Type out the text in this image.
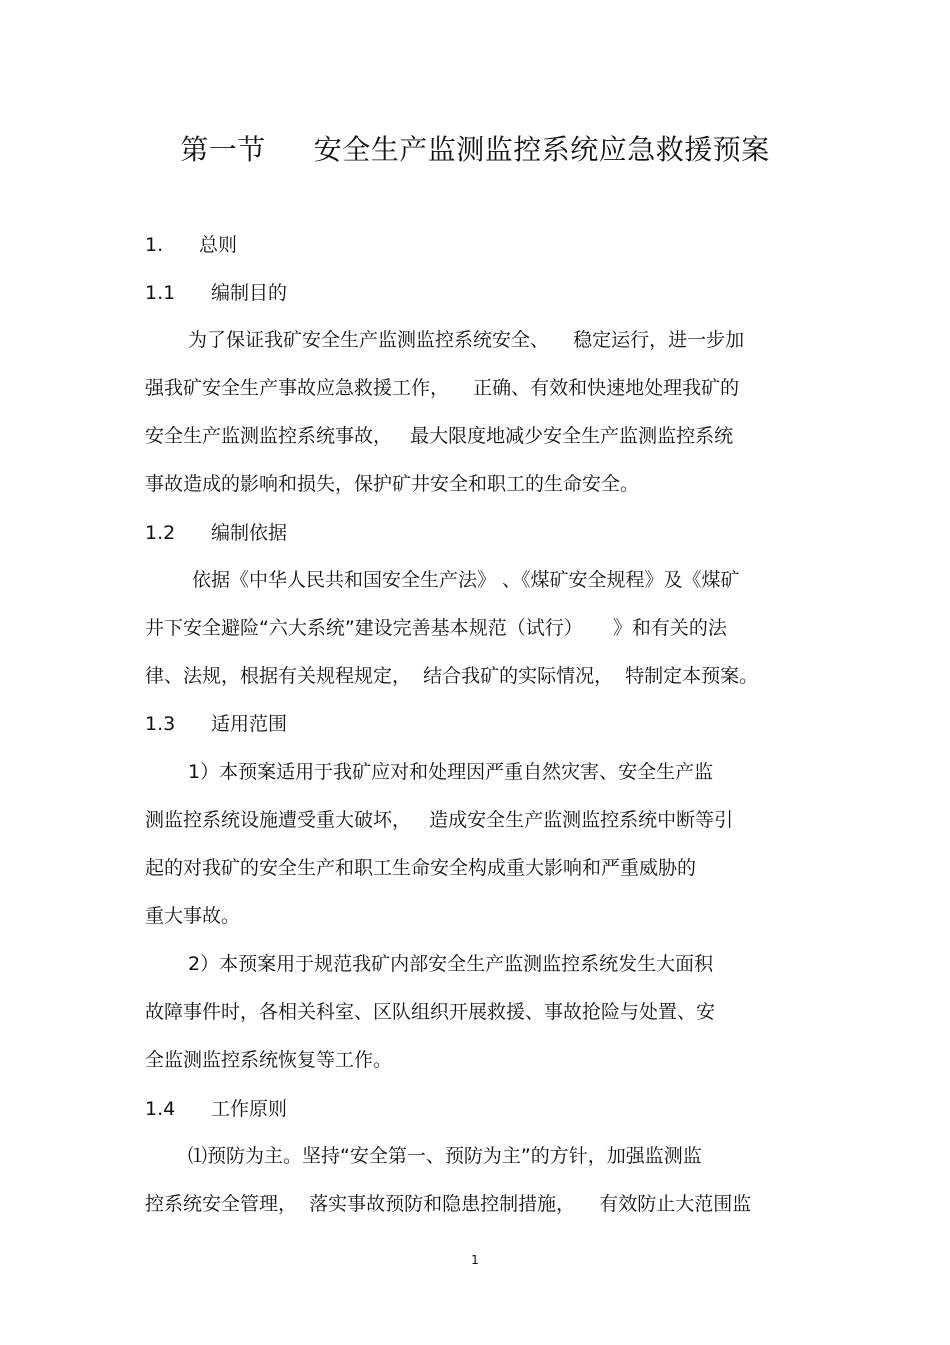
第一节 安全生产监测监控系统应急救援预案
1. 总则
1.1 编制目的
为了保证我矿安全生产监测监控系统安全、    稳定运行，进一步加
强我矿安全生产事故应急救援工作，    正确、有效和快速地处理我矿的
安全生产监测监控系统事故，   最大限度地减少安全生产监测监控系统
事故造成的影响和损失，保护矿井安全和职工的生命安全。
1.2 编制依据
依据《中华人民共和国安全生产法》 、《煤矿安全规程》及《煤矿
井下安全避险“六大系统”建设完善基本规范（试行）     》和有关的法
律、法规，根据有关规程规定，  结合我矿的实际情况，  特制定本预案。
1.3 适用范围
1）本预案适用于我矿应对和处理因严重自然灾害、安全生产监
测监控系统设施遭受重大破坏，   造成安全生产监测监控系统中断等引
起的对我矿的安全生产和职工生命安全构成重大影响和严重威胁的
重大事故。
2）本预案用于规范我矿内部安全生产监测监控系统发生大面积
故障事件时，各相关科室、区队组织开展救援、事故抢险与处置、安
全监测监控系统恢复等工作。
1.4 工作原则
⑴预防为主。坚持“安全第一、预防为主”的方针，加强监测监
控系统安全管理，  落实事故预防和隐患控制措施，    有效防止大范围监
1
